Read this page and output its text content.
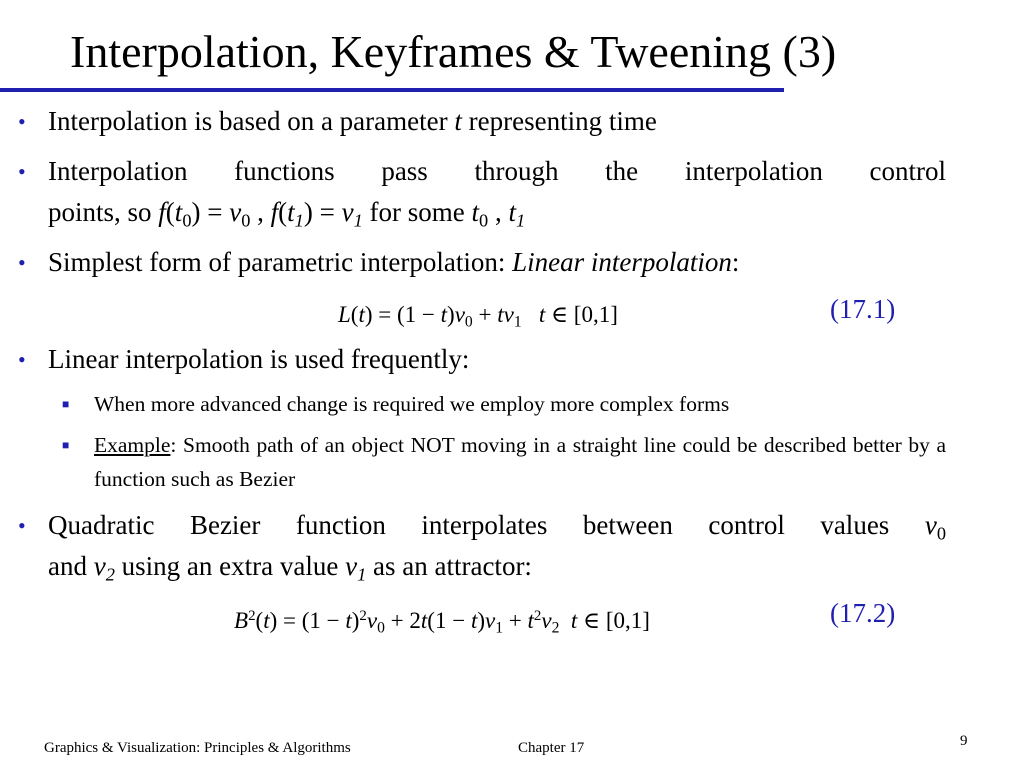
Interpolation, Keyframes & Tweening (3)
• Interpolation is based on a parameter t representing time
• Interpolation functions pass through the interpolation control
points, so $f(t_0) = v_0$ , $f(t_1) = v_1$ for some $t_0$ , $t_1$
• Simplest form of parametric interpolation: Linear interpolation:
$L(t) = (1 - t)v_0 + tv_1$ t ∈ [0,1]	(17.1)
• Linear interpolation is used frequently:
■ When more advanced change is required we employ more complex forms
■ Example: Smooth path of an object NOT moving in a straight line could be described better by a function such as Bezier
• Quadratic Bezier function interpolates between control values $v_0$
and $v_2$ using an extra value $v_1$ as an attractor:
$B^2(t) = (1 - t)^2v_0 + 2t(1 - t)v_1 + t^2v_2$ t ∈ [0,1]	(17.2)
Graphics & Visualization: Principles & Algorithms	Chapter 17	9
